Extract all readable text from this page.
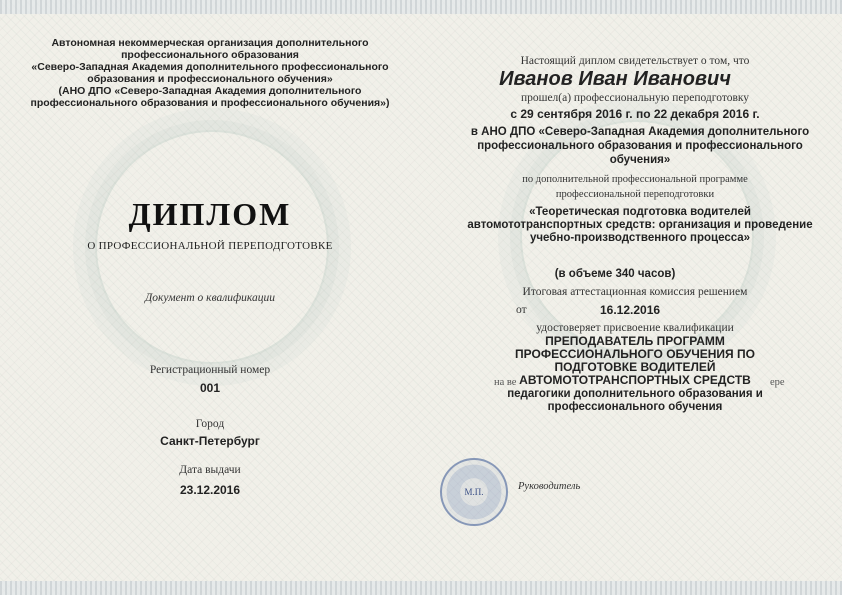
Автономная некоммерческая организация дополнительного
профессионального образования
«Северо-Западная Академия дополнительного профессионального
образования и профессионального обучения»
(АНО ДПО «Северо-Западная Академия дополнительного
профессионального образования и профессионального обучения»)
ДИПЛОМ
О ПРОФЕССИОНАЛЬНОЙ ПЕРЕПОДГОТОВКЕ
Документ о квалификации
Регистрационный номер
001
Город
Санкт-Петербург
Дата выдачи
23.12.2016
Настоящий диплом свидетельствует о том, что
Иванов Иван Иванович
прошел(а) профессиональную переподготовку
с 29 сентября 2016 г. по 22 декабря 2016 г.
в АНО ДПО «Северо-Западная Академия дополнительного
профессионального образования и профессионального
обучения»
по дополнительной профессиональной программе
профессиональной переподготовки
«Теоретическая подготовка водителей
автомототранспортных средств: организация и проведение
учебно-производственного процесса»
(в объеме 340 часов)
Итоговая аттестационная комиссия решением
от	16.12.2016
удостоверяет присвоение квалификации
ПРЕПОДАВАТЕЛЬ ПРОГРАММ
ПРОФЕССИОНАЛЬНОГО ОБУЧЕНИЯ ПО
ПОДГОТОВКЕ ВОДИТЕЛЕЙ
АВТОМОТОТРАНСПОРТНЫХ СРЕДСТВ
на ве	ере
педагогики дополнительного образования и
профессионального обучения
М.П.	Руководитель
